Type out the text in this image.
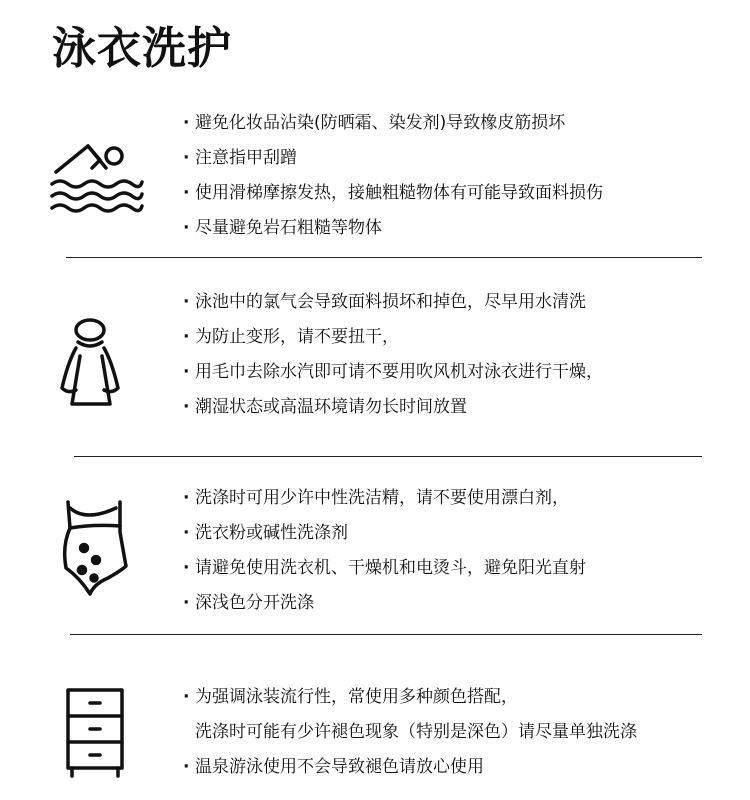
泳衣洗护
· 避免化妆品沾染(防晒霜、染发剂)导致橡皮筋损坏
· 注意指甲刮蹭
· 使用滑梯摩擦发热，接触粗糙物体有可能导致面料损伤
· 尽量避免岩石粗糙等物体
· 泳池中的氯气会导致面料损坏和掉色，尽早用水清洗
· 为防止变形，请不要扭干，
· 用毛巾去除水汽即可请不要用吹风机对泳衣进行干燥，
· 潮湿状态或高温环境请勿长时间放置
· 洗涤时可用少许中性洗洁精，请不要使用漂白剂，
· 洗衣粉或碱性洗涤剂
· 请避免使用洗衣机、干燥机和电烫斗，避免阳光直射
· 深浅色分开洗涤
· 为强调泳装流行性，常使用多种颜色搭配，
洗涤时可能有少许褪色现象（特别是深色）请尽量单独洗涤
· 温泉游泳使用不会导致褪色请放心使用
